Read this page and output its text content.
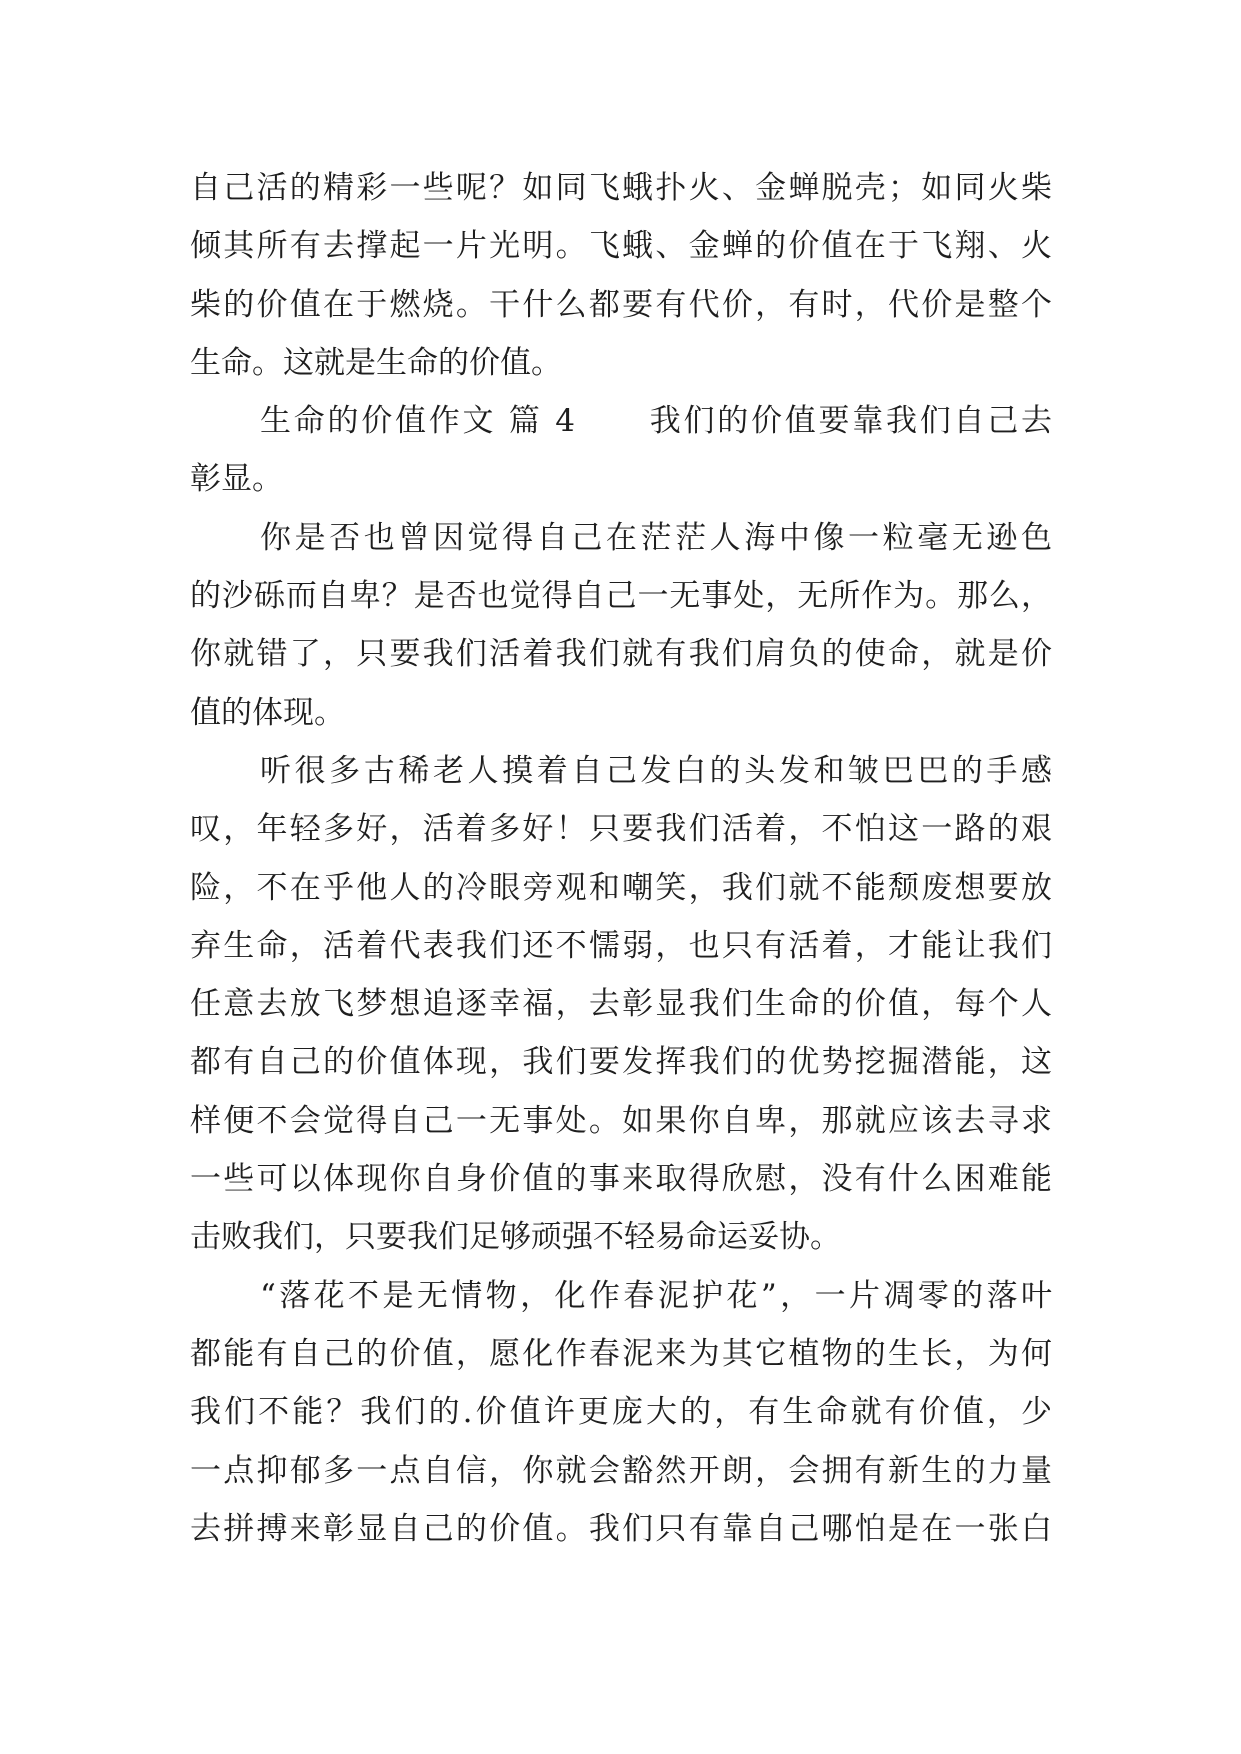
自己活的精彩一些呢？如同飞蛾扑火、金蝉脱壳；如同火柴
倾其所有去撑起一片光明。飞蛾、金蝉的价值在于飞翔、火
柴的价值在于燃烧。干什么都要有代价，有时，代价是整个
生命。这就是生命的价值。
生命的价值作文 篇 4 我们的价值要靠我们自己去
彰显。
你是否也曾因觉得自己在茫茫人海中像一粒毫无逊色
的沙砾而自卑？是否也觉得自己一无事处，无所作为。那么，
你就错了，只要我们活着我们就有我们肩负的使命，就是价
值的体现。
听很多古稀老人摸着自己发白的头发和皱巴巴的手感
叹，年轻多好，活着多好！只要我们活着，不怕这一路的艰
险，不在乎他人的冷眼旁观和嘲笑，我们就不能颓废想要放
弃生命，活着代表我们还不懦弱，也只有活着，才能让我们
任意去放飞梦想追逐幸福，去彰显我们生命的价值，每个人
都有自己的价值体现，我们要发挥我们的优势挖掘潜能，这
样便不会觉得自己一无事处。如果你自卑，那就应该去寻求
一些可以体现你自身价值的事来取得欣慰，没有什么困难能
击败我们，只要我们足够顽强不轻易命运妥协。
“落花不是无情物，化作春泥护花”，一片凋零的落叶
都能有自己的价值，愿化作春泥来为其它植物的生长，为何
我们不能？我们的.价值许更庞大的，有生命就有价值，少
一点抑郁多一点自信，你就会豁然开朗，会拥有新生的力量
去拼搏来彰显自己的价值。我们只有靠自己哪怕是在一张白
